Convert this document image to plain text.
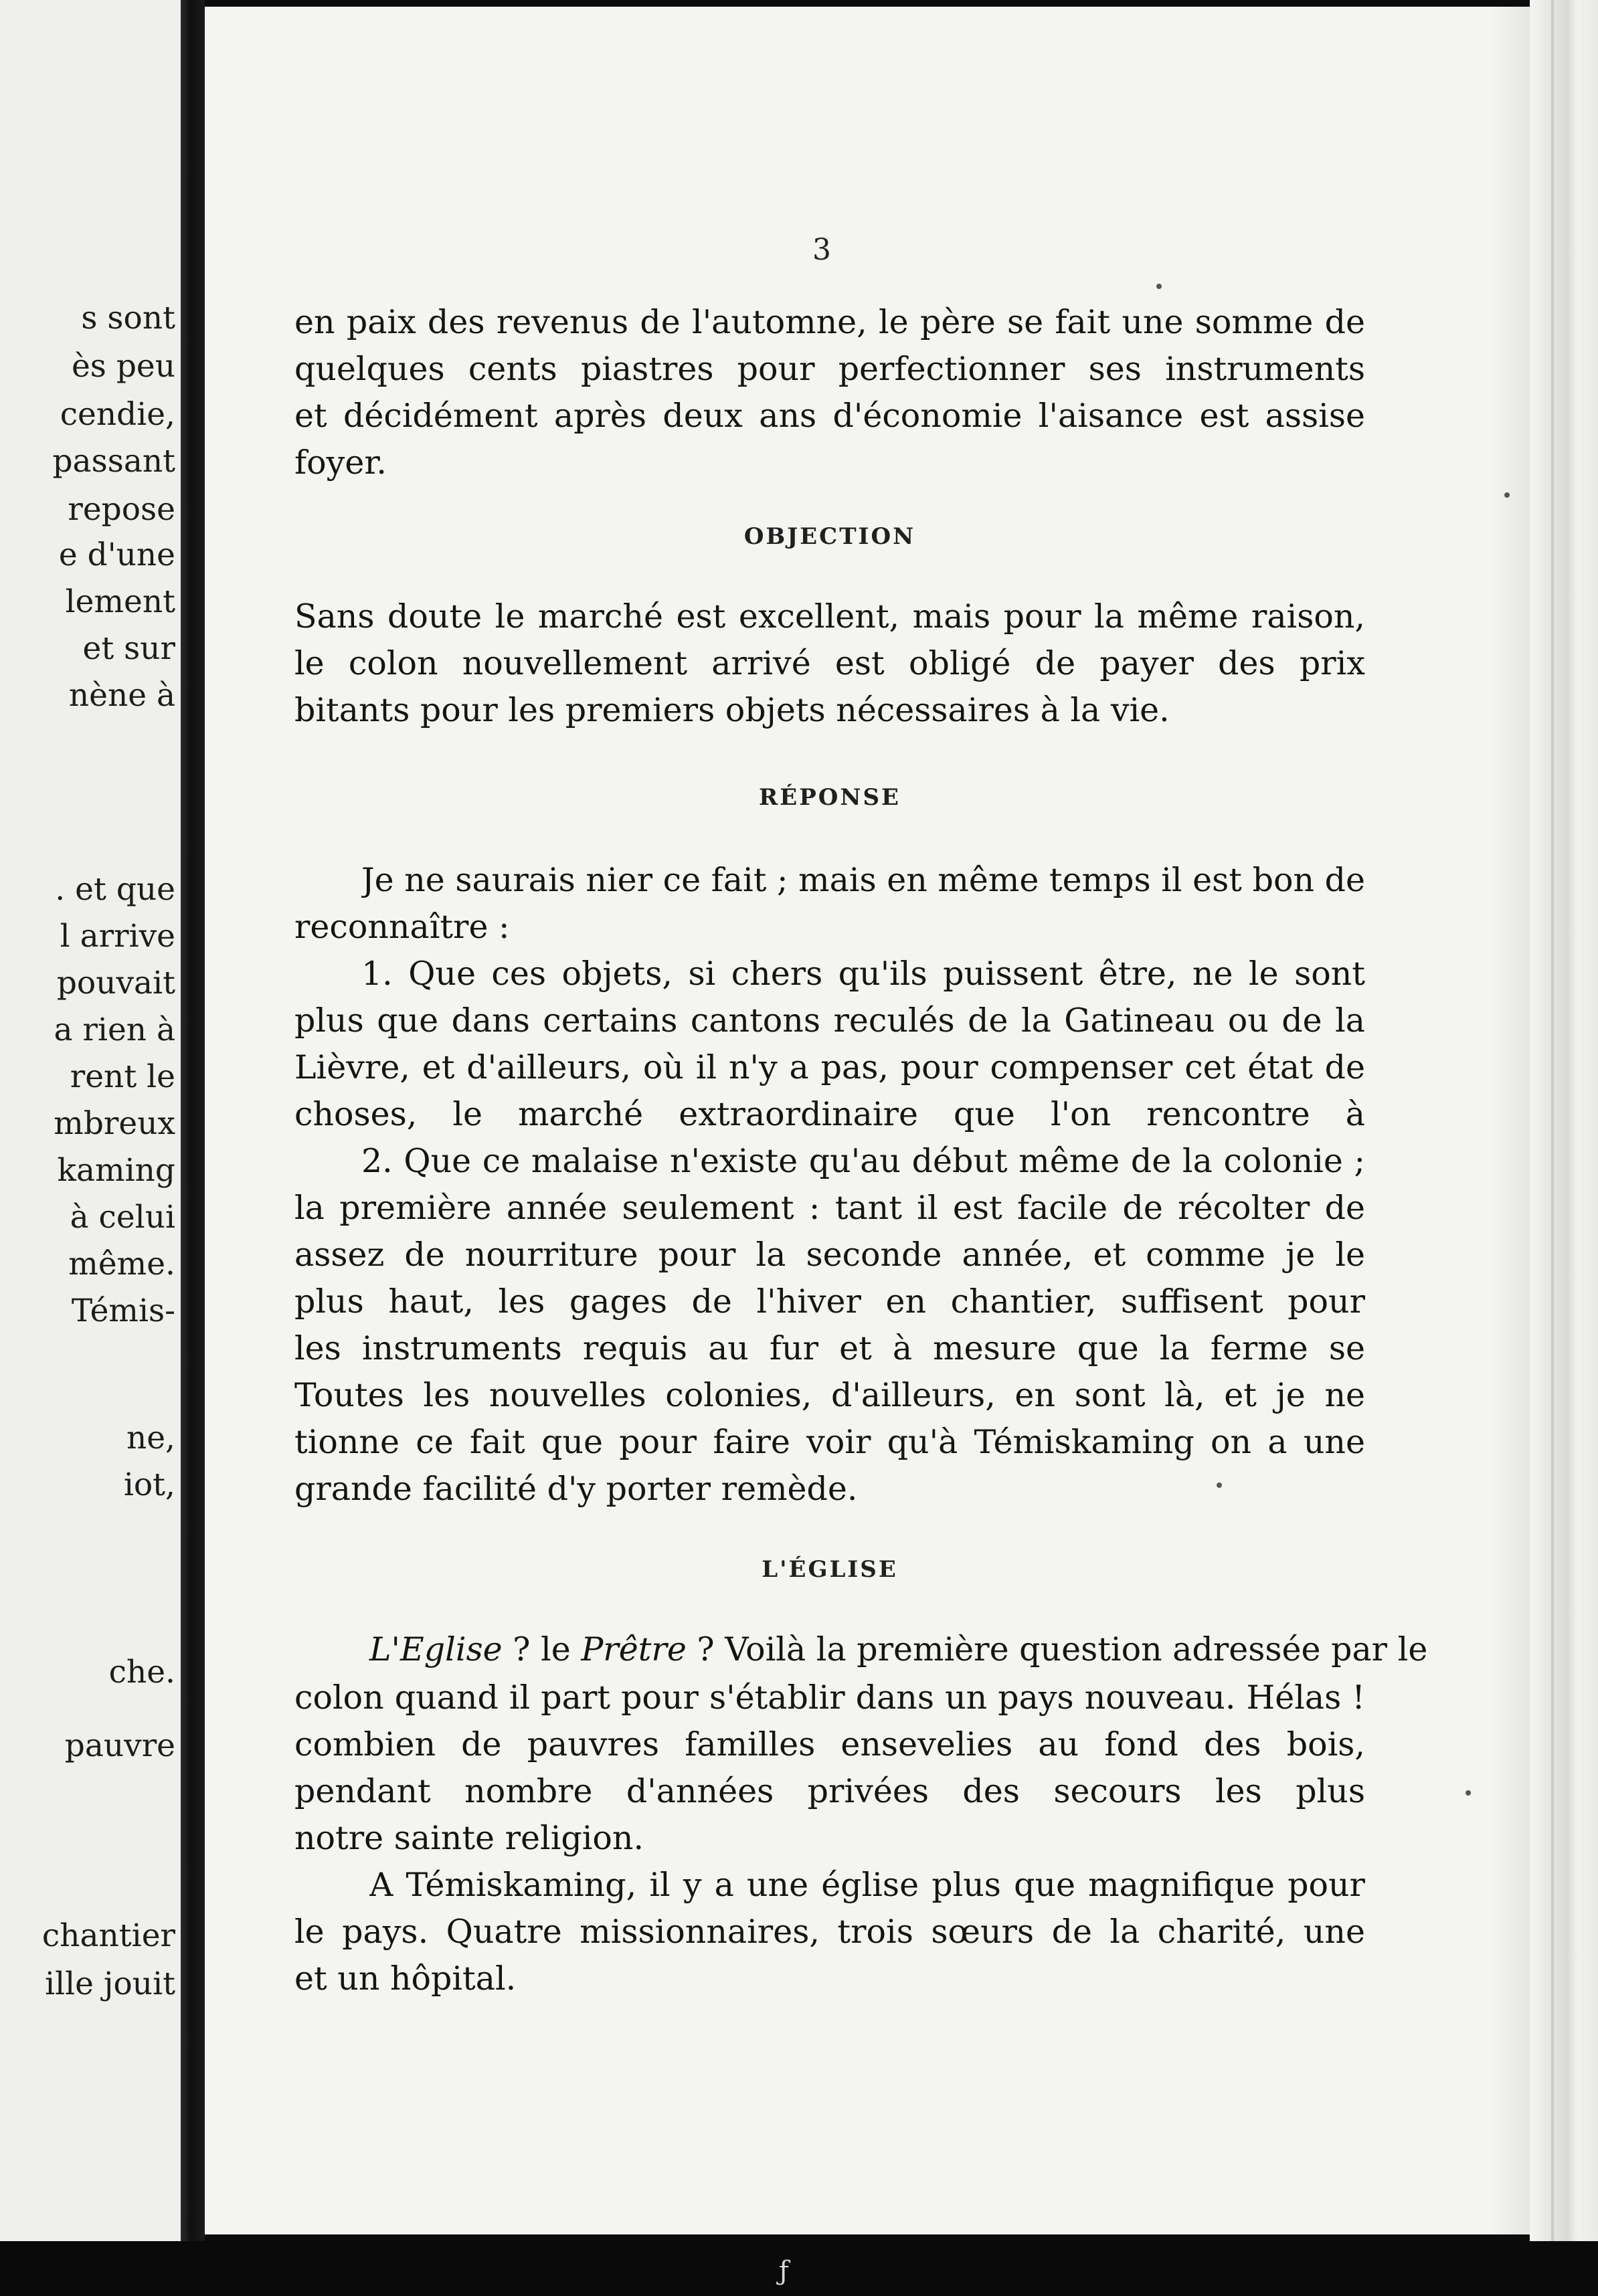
s sont
ès peu
cendie,
passant
repose
e d'une
lement
et sur
nène à
. et que
l arrive
pouvait
a rien à
rent le
mbreux
kaming
à celui
même.
Témis-
ne,
iot,
che.
pauvre
chantier
ille jouit
3
en paix des revenus de l'automne, le père se fait une somme de
quelques cents piastres pour perfectionner ses instruments
et décidément après deux ans d'économie l'aisance est assise
foyer.
OBJECTION
Sans doute le marché est excellent, mais pour la même raison,
le colon nouvellement arrivé est obligé de payer des prix
bitants pour les premiers objets nécessaires à la vie.
RÉPONSE
Je ne saurais nier ce fait ; mais en même temps il est bon de
reconnaître :
1. Que ces objets, si chers qu'ils puissent être, ne le sont
plus que dans certains cantons reculés de la Gatineau ou de la
Lièvre, et d'ailleurs, où il n'y a pas, pour compenser cet état de
choses, le marché extraordinaire que l'on rencontre à
2. Que ce malaise n'existe qu'au début même de la colonie ;
la première année seulement : tant il est facile de récolter de
assez de nourriture pour la seconde année, et comme je le
plus haut, les gages de l'hiver en chantier, suffisent pour
les instruments requis au fur et à mesure que la ferme se
Toutes les nouvelles colonies, d'ailleurs, en sont là, et je ne
tionne ce fait que pour faire voir qu'à Témiskaming on a une
grande facilité d'y porter remède.
L'ÉGLISE
L'Eglise ? le Prêtre ? Voilà la première question adressée par le
colon quand il part pour s'établir dans un pays nouveau. Hélas !
combien de pauvres familles ensevelies au fond des bois,
pendant nombre d'années privées des secours les plus
notre sainte religion.
A Témiskaming, il y a une église plus que magnifique pour
le pays. Quatre missionnaires, trois sœurs de la charité, une
et un hôpital.
ƒ
